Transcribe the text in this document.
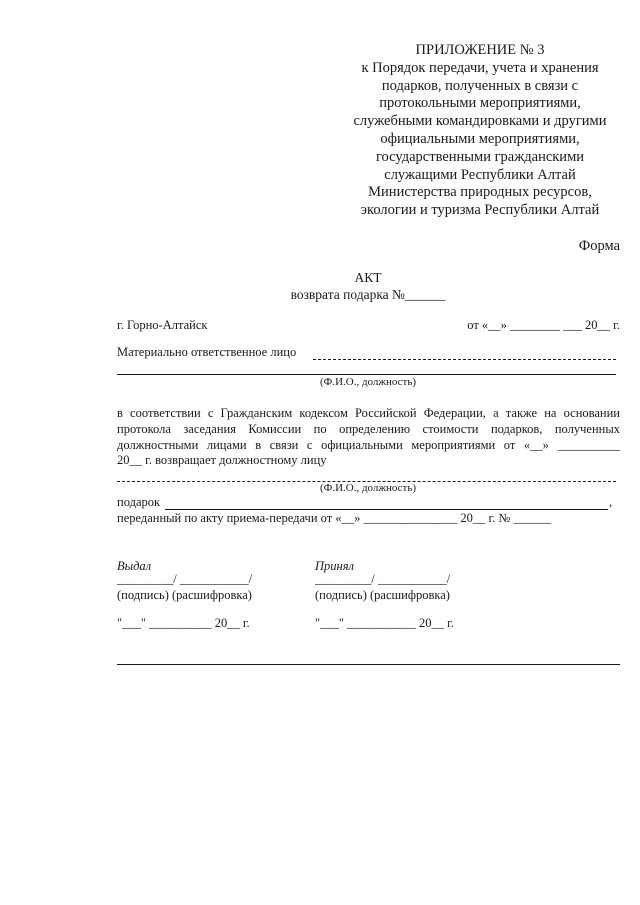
ПРИЛОЖЕНИЕ № 3
к Порядок передачи, учета и хранения
подарков, полученных в связи с
протокольными мероприятиями,
служебными командировками и другими
официальными мероприятиями,
государственными гражданскими
служащими Республики Алтай
Министерства природных ресурсов,
экологии и туризма Республики Алтай
Форма
АКТ
возврата подарка №______
г. Горно-Алтайск	от «__» ________ ___ 20__ г.
Материально ответственное лицо
(Ф.И.О., должность)
в соответствии с Гражданским кодексом Российской Федерации, а также на основании
протокола заседания Комиссии по определению стоимости подарков, полученных
должностными лицами в связи с официальными мероприятиями от «__» __________
20__ г. возвращает должностному лицу
(Ф.И.О., должность)
подарок	,
переданный по акту приема-передачи от «__» _______________ 20__ г. № ______
Выдал
_________/ ___________/
(подпись) (расшифровка)
"___" __________ 20__ г.
Принял
_________/ ___________/
(подпись) (расшифровка)
"___" ___________ 20__ г.
